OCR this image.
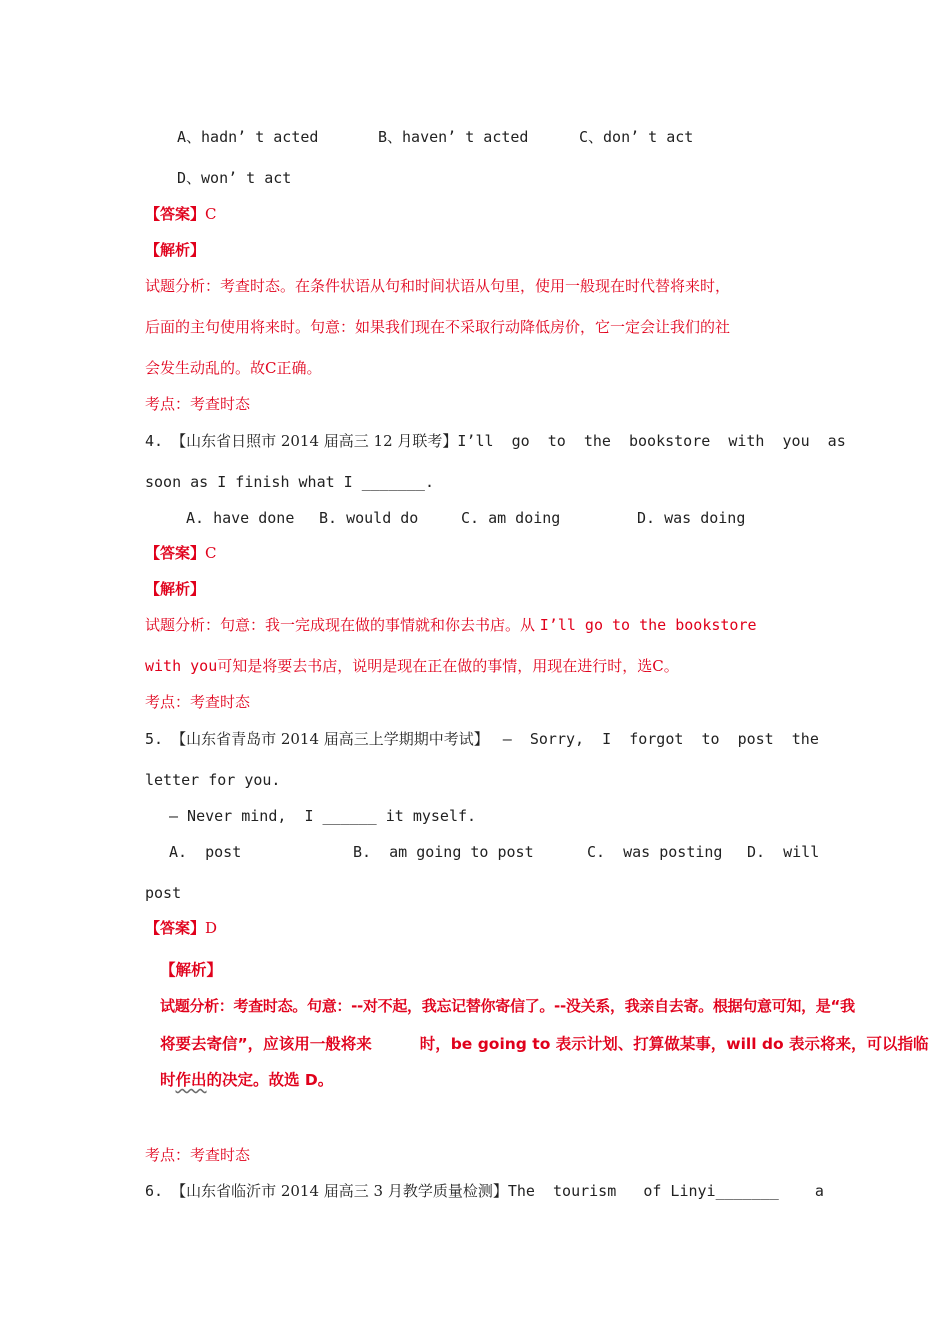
A、hadn’ t acted	B、haven’ t acted	C、don’ t act
D、won’ t act
【答案】C
【解析】
试题分析：考查时态。在条件状语从句和时间状语从句里，使用一般现在时代替将来时，
后面的主句使用将来时。句意：如果我们现在不采取行动降低房价，它一定会让我们的社
会发生动乱的。故C正确。
考点：考查时态
4. 【山东省日照市 2014 届高三 12 月联考】I’ll  go  to  the  bookstore  with  you  as
soon as I finish what I _______.
A. have done B. would do	C. am doing	D. was doing
【答案】C
【解析】
试题分析：句意：我一完成现在做的事情就和你去书店。从 I’ll go to the bookstore
with you可知是将要去书店，说明是现在正在做的事情，用现在进行时，选C。
考点：考查时态
5. 【山东省青岛市 2014 届高三上学期期中考试】 —  Sorry,  I  forgot  to  post  the
letter for you.
— Never mind,  I ______ it myself.
A.  post	B.  am going to post	C.  was posting D.  will
post
【答案】D
【解析】
试题分析：考查时态。句意：--对不起，我忘记替你寄信了。--没关系，我亲自去寄。根据句意可知，是“我
将要去寄信”，应该用一般将来	时，be going to 表示计划、打算做某事，will do 表示将来，可以指临
时作出的决定。故选 D。
考点：考查时态
6. 【山东省临沂市 2014 届高三 3 月教学质量检测】The  tourism   of Linyi_______    a
